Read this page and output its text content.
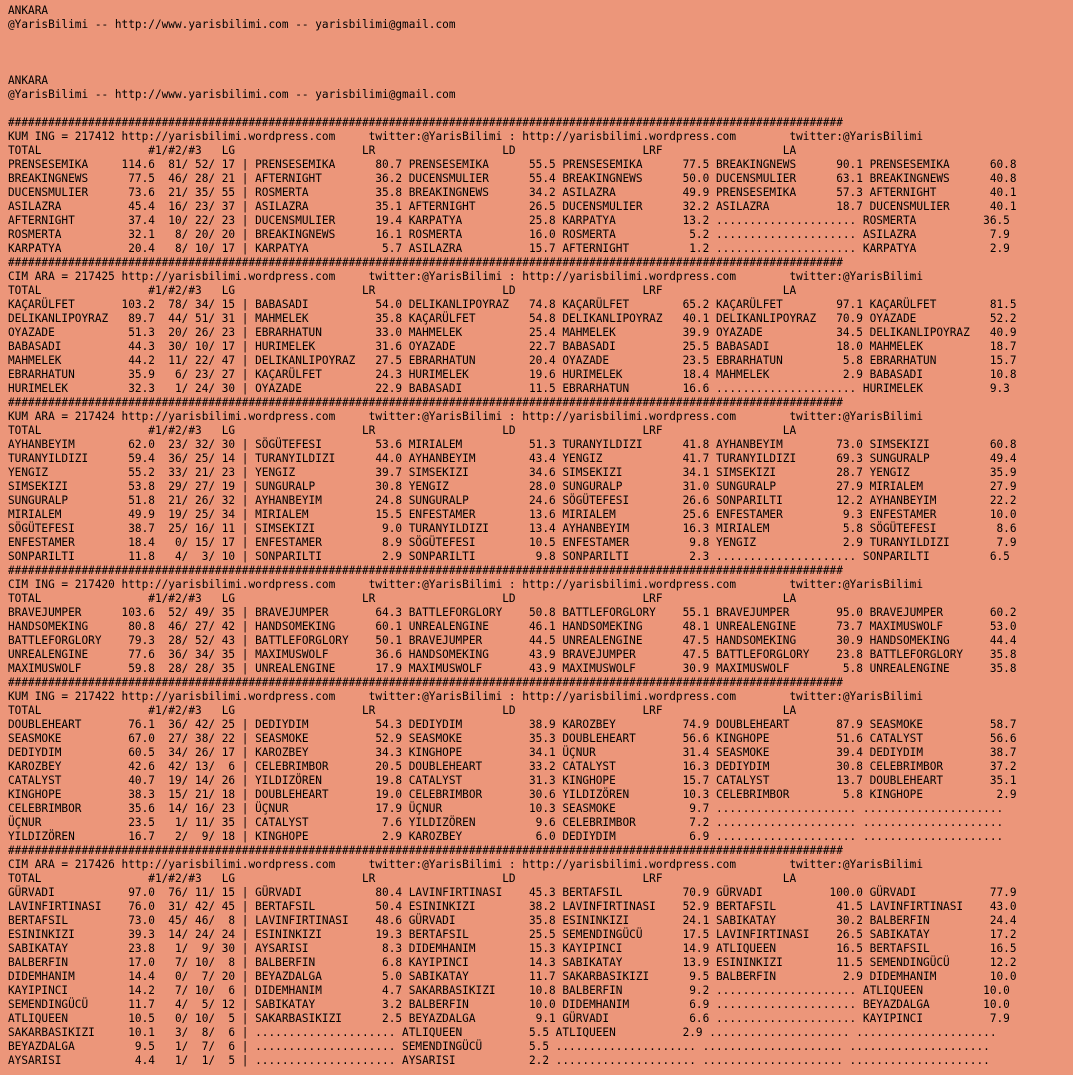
ANKARA
@YarisBilimi -- http://www.yarisbilimi.com -- yarisbilimi@gmail.com
ANKARA
@YarisBilimi -- http://www.yarisbilimi.com -- yarisbilimi@gmail.com
#############################################################################################################################
KUM ING = 217412 http://yarisbilimi.wordpress.com     twitter:@YarisBilimi : http://yarisbilimi.wordpress.com        twitter:@YarisBilimi
TOTAL                #1/#2/#3   LG                   LR                   LD                   LRF                  LA
PRENSESEMIKA     114.6  81/ 52/ 17 | PRENSESEMIKA      80.7 PRENSESEMIKA      55.5 PRENSESEMIKA      77.5 BREAKINGNEWS      90.1 PRENSESEMIKA      60.8
BREAKINGNEWS      77.5  46/ 28/ 21 | AFTERNIGHT        36.2 DUCENSMULIER      55.4 BREAKINGNEWS      50.0 DUCENSMULIER      63.1 BREAKINGNEWS      40.8
DUCENSMULIER      73.6  21/ 35/ 55 | ROSMERTA          35.8 BREAKINGNEWS      34.2 ASILAZRA          49.9 PRENSESEMIKA      57.3 AFTERNIGHT        40.1
ASILAZRA          45.4  16/ 23/ 37 | ASILAZRA          35.1 AFTERNIGHT        26.5 DUCENSMULIER      32.2 ASILAZRA          18.7 DUCENSMULIER      40.1
AFTERNIGHT        37.4  10/ 22/ 23 | DUCENSMULIER      19.4 KARPATYA          25.8 KARPATYA          13.2 ..................... ROSMERTA          36.5
ROSMERTA          32.1   8/ 20/ 20 | BREAKINGNEWS      16.1 ROSMERTA          16.0 ROSMERTA           5.2 ..................... ASILAZRA           7.9
KARPATYA          20.4   8/ 10/ 17 | KARPATYA           5.7 ASILAZRA          15.7 AFTERNIGHT         1.2 ..................... KARPATYA           2.9
#############################################################################################################################
CIM ARA = 217425 http://yarisbilimi.wordpress.com     twitter:@YarisBilimi : http://yarisbilimi.wordpress.com        twitter:@YarisBilimi
TOTAL                #1/#2/#3   LG                   LR                   LD                   LRF                  LA
KAÇARÜLFET       103.2  78/ 34/ 15 | BABASADI          54.0 DELIKANLIPOYRAZ   74.8 KAÇARÜLFET        65.2 KAÇARÜLFET        97.1 KAÇARÜLFET        81.5
DELIKANLIPOYRAZ   89.7  44/ 51/ 31 | MAHMELEK          35.8 KAÇARÜLFET        54.8 DELIKANLIPOYRAZ   40.1 DELIKANLIPOYRAZ   70.9 OYAZADE           52.2
OYAZADE           51.3  20/ 26/ 23 | EBRARHATUN        33.0 MAHMELEK          25.4 MAHMELEK          39.9 OYAZADE           34.5 DELIKANLIPOYRAZ   40.9
BABASADI          44.3  30/ 10/ 17 | HURIMELEK         31.6 OYAZADE           22.7 BABASADI          25.5 BABASADI          18.0 MAHMELEK          18.7
MAHMELEK          44.2  11/ 22/ 47 | DELIKANLIPOYRAZ   27.5 EBRARHATUN        20.4 OYAZADE           23.5 EBRARHATUN         5.8 EBRARHATUN        15.7
EBRARHATUN        35.9   6/ 23/ 27 | KAÇARÜLFET        24.3 HURIMELEK         19.6 HURIMELEK         18.4 MAHMELEK           2.9 BABASADI          10.8
HURIMELEK         32.3   1/ 24/ 30 | OYAZADE           22.9 BABASADI          11.5 EBRARHATUN        16.6 ..................... HURIMELEK          9.3
#############################################################################################################################
KUM ARA = 217424 http://yarisbilimi.wordpress.com     twitter:@YarisBilimi : http://yarisbilimi.wordpress.com        twitter:@YarisBilimi
TOTAL                #1/#2/#3   LG                   LR                   LD                   LRF                  LA
AYHANBEYIM        62.0  23/ 32/ 30 | SÖGÜTEFESI        53.6 MIRIALEM          51.3 TURANYILDIZI      41.8 AYHANBEYIM        73.0 SIMSEKIZI         60.8
TURANYILDIZI      59.4  36/ 25/ 14 | TURANYILDIZI      44.0 AYHANBEYIM        43.4 YENGIZ            41.7 TURANYILDIZI      69.3 SUNGURALP         49.4
YENGIZ            55.2  33/ 21/ 23 | YENGIZ            39.7 SIMSEKIZI         34.6 SIMSEKIZI         34.1 SIMSEKIZI         28.7 YENGIZ            35.9
SIMSEKIZI         53.8  29/ 27/ 19 | SUNGURALP         30.8 YENGIZ            28.0 SUNGURALP         31.0 SUNGURALP         27.9 MIRIALEM          27.9
SUNGURALP         51.8  21/ 26/ 32 | AYHANBEYIM        24.8 SUNGURALP         24.6 SÖGÜTEFESI        26.6 SONPARILTI        12.2 AYHANBEYIM        22.2
MIRIALEM          49.9  19/ 25/ 34 | MIRIALEM          15.5 ENFESTAMER        13.6 MIRIALEM          25.6 ENFESTAMER         9.3 ENFESTAMER        10.0
SÖGÜTEFESI        38.7  25/ 16/ 11 | SIMSEKIZI          9.0 TURANYILDIZI      13.4 AYHANBEYIM        16.3 MIRIALEM           5.8 SÖGÜTEFESI         8.6
ENFESTAMER        18.4   0/ 15/ 17 | ENFESTAMER         8.9 SÖGÜTEFESI        10.5 ENFESTAMER         9.8 YENGIZ             2.9 TURANYILDIZI       7.9
SONPARILTI        11.8   4/  3/ 10 | SONPARILTI         2.9 SONPARILTI         9.8 SONPARILTI         2.3 ..................... SONPARILTI         6.5
#############################################################################################################################
CIM ING = 217420 http://yarisbilimi.wordpress.com     twitter:@YarisBilimi : http://yarisbilimi.wordpress.com        twitter:@YarisBilimi
TOTAL                #1/#2/#3   LG                   LR                   LD                   LRF                  LA
BRAVEJUMPER      103.6  52/ 49/ 35 | BRAVEJUMPER       64.3 BATTLEFORGLORY    50.8 BATTLEFORGLORY    55.1 BRAVEJUMPER       95.0 BRAVEJUMPER       60.2
HANDSOMEKING      80.8  46/ 27/ 42 | HANDSOMEKING      60.1 UNREALENGINE      46.1 HANDSOMEKING      48.1 UNREALENGINE      73.7 MAXIMUSWOLF       53.0
BATTLEFORGLORY    79.3  28/ 52/ 43 | BATTLEFORGLORY    50.1 BRAVEJUMPER       44.5 UNREALENGINE      47.5 HANDSOMEKING      30.9 HANDSOMEKING      44.4
UNREALENGINE      77.6  36/ 34/ 35 | MAXIMUSWOLF       36.6 HANDSOMEKING      43.9 BRAVEJUMPER       47.5 BATTLEFORGLORY    23.8 BATTLEFORGLORY    35.8
MAXIMUSWOLF       59.8  28/ 28/ 35 | UNREALENGINE      17.9 MAXIMUSWOLF       43.9 MAXIMUSWOLF       30.9 MAXIMUSWOLF        5.8 UNREALENGINE      35.8
#############################################################################################################################
KUM ING = 217422 http://yarisbilimi.wordpress.com     twitter:@YarisBilimi : http://yarisbilimi.wordpress.com        twitter:@YarisBilimi
TOTAL                #1/#2/#3   LG                   LR                   LD                   LRF                  LA
DOUBLEHEART       76.1  36/ 42/ 25 | DEDIYDIM          54.3 DEDIYDIM          38.9 KAROZBEY          74.9 DOUBLEHEART       87.9 SEASMOKE          58.7
SEASMOKE          67.0  27/ 38/ 22 | SEASMOKE          52.9 SEASMOKE          35.3 DOUBLEHEART       56.6 KINGHOPE          51.6 CATALYST          56.6
DEDIYDIM          60.5  34/ 26/ 17 | KAROZBEY          34.3 KINGHOPE          34.1 ÜÇNUR             31.4 SEASMOKE          39.4 DEDIYDIM          38.7
KAROZBEY          42.6  42/ 13/  6 | CELEBRIMBOR       20.5 DOUBLEHEART       33.2 CATALYST          16.3 DEDIYDIM          30.8 CELEBRIMBOR       37.2
CATALYST          40.7  19/ 14/ 26 | YILDIZÖREN        19.8 CATALYST          31.3 KINGHOPE          15.7 CATALYST          13.7 DOUBLEHEART       35.1
KINGHOPE          38.3  15/ 21/ 18 | DOUBLEHEART       19.0 CELEBRIMBOR       30.6 YILDIZÖREN        10.3 CELEBRIMBOR        5.8 KINGHOPE           2.9
CELEBRIMBOR       35.6  14/ 16/ 23 | ÜÇNUR             17.9 ÜÇNUR             10.3 SEASMOKE           9.7 ..................... .....................
ÜÇNUR             23.5   1/ 11/ 35 | CATALYST           7.6 YILDIZÖREN         9.6 CELEBRIMBOR        7.2 ..................... .....................
YILDIZÖREN        16.7   2/  9/ 18 | KINGHOPE           2.9 KAROZBEY           6.0 DEDIYDIM           6.9 ..................... .....................
#############################################################################################################################
CIM ARA = 217426 http://yarisbilimi.wordpress.com     twitter:@YarisBilimi : http://yarisbilimi.wordpress.com        twitter:@YarisBilimi
TOTAL                #1/#2/#3   LG                   LR                   LD                   LRF                  LA
GÜRVADI           97.0  76/ 11/ 15 | GÜRVADI           80.4 LAVINFIRTINASI    45.3 BERTAFSIL         70.9 GÜRVADI          100.0 GÜRVADI           77.9
LAVINFIRTINASI    76.0  31/ 42/ 45 | BERTAFSIL         50.4 ESININKIZI        38.2 LAVINFIRTINASI    52.9 BERTAFSIL         41.5 LAVINFIRTINASI    43.0
BERTAFSIL         73.0  45/ 46/  8 | LAVINFIRTINASI    48.6 GÜRVADI           35.8 ESININKIZI        24.1 SABIKATAY         30.2 BALBERFIN         24.4
ESININKIZI        39.3  14/ 24/ 24 | ESININKIZI        19.3 BERTAFSIL         25.5 SEMENDINGÜCÜ      17.5 LAVINFIRTINASI    26.5 SABIKATAY         17.2
SABIKATAY         23.8   1/  9/ 30 | AYSARISI           8.3 DIDEMHANIM        15.3 KAYIPINCI         14.9 ATLIQUEEN         16.5 BERTAFSIL         16.5
BALBERFIN         17.0   7/ 10/  8 | BALBERFIN          6.8 KAYIPINCI         14.3 SABIKATAY         13.9 ESININKIZI        11.5 SEMENDINGÜCÜ      12.2
DIDEMHANIM        14.4   0/  7/ 20 | BEYAZDALGA         5.0 SABIKATAY         11.7 SAKARBASIKIZI      9.5 BALBERFIN          2.9 DIDEMHANIM        10.0
KAYIPINCI         14.2   7/ 10/  6 | DIDEMHANIM         4.7 SAKARBASIKIZI     10.8 BALBERFIN          9.2 ..................... ATLIQUEEN         10.0
SEMENDINGÜCÜ      11.7   4/  5/ 12 | SABIKATAY          3.2 BALBERFIN         10.0 DIDEMHANIM         6.9 ..................... BEYAZDALGA        10.0
ATLIQUEEN         10.5   0/ 10/  5 | SAKARBASIKIZI      2.5 BEYAZDALGA         9.1 GÜRVADI            6.6 ..................... KAYIPINCI          7.9
SAKARBASIKIZI     10.1   3/  8/  6 | ..................... ATLIQUEEN          5.5 ATLIQUEEN          2.9 ..................... .....................
BEYAZDALGA         9.5   1/  7/  6 | ..................... SEMENDINGÜCÜ       5.5 ..................... ..................... .....................
AYSARISI           4.4   1/  1/  5 | ..................... AYSARISI           2.2 ..................... ..................... .....................
